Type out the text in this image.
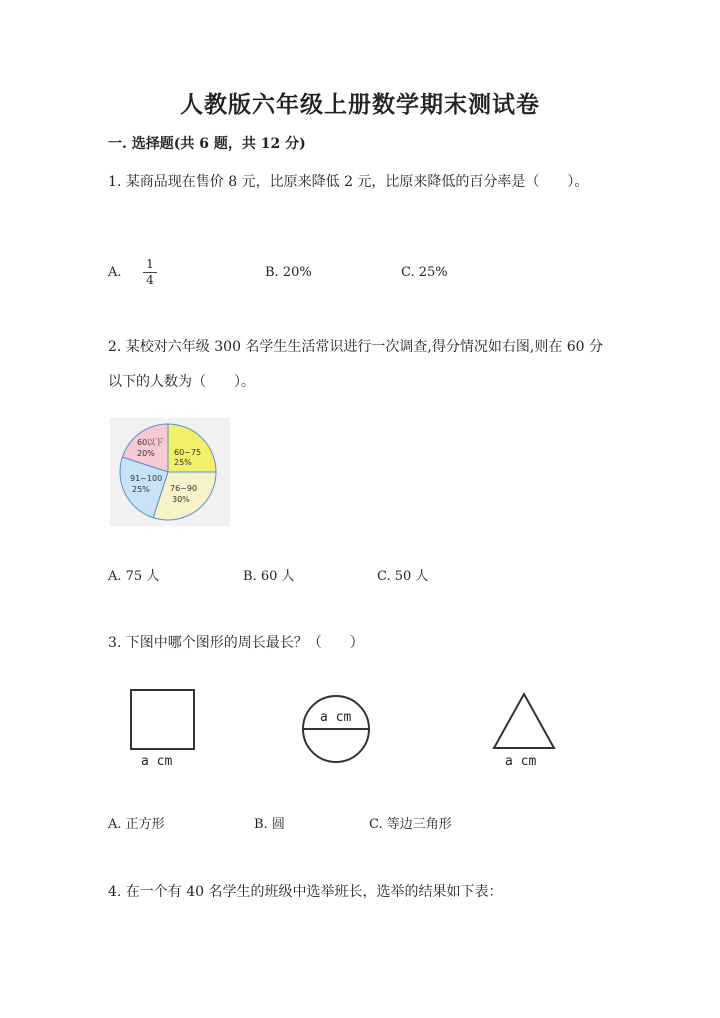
人教版六年级上册数学期末测试卷
一. 选择题(共 6 题，共 12 分)
1. 某商品现在售价 8 元，比原来降低 2 元，比原来降低的百分率是（　　）。
A.
1
4	B. 20%	C. 25%
2. 某校对六年级 300 名学生生活常识进行一次调查,得分情况如右图,则在 60 分
以下的人数为（　　）。
60以下
20% 60~75
25%
76~90
30%
91~100
25%
A. 75 人	B. 60 人	C. 50 人
3. 下图中哪个图形的周长最长？（　　）
a cm
a cm
a cm
A. 正方形	B. 圆	C. 等边三角形
4. 在一个有 40 名学生的班级中选举班长，选举的结果如下表：
